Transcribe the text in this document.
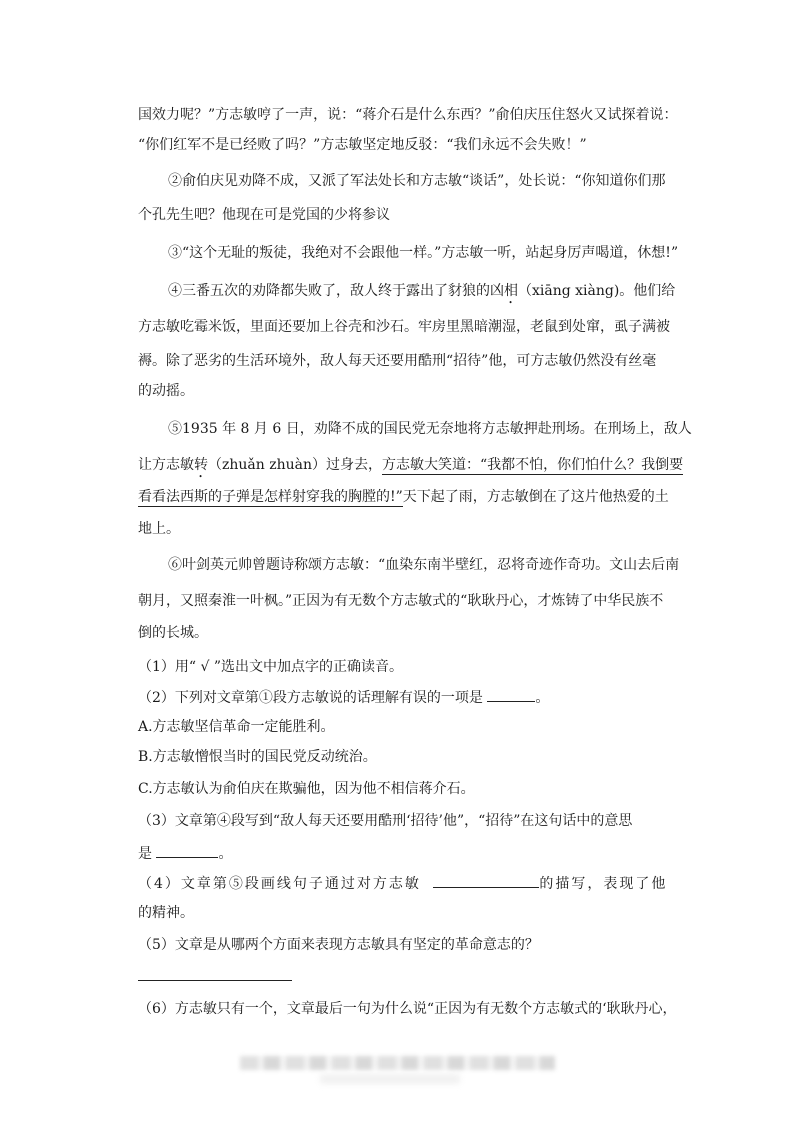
国效力呢？”方志敏哼了一声，说：“蒋介石是什么东西？”俞伯庆压住怒火又试探着说：
“你们红军不是已经败了吗？”方志敏坚定地反驳：“我们永远不会失败！”
②俞伯庆见劝降不成，又派了军法处长和方志敏“谈话”，处长说：“你知道你们那
个孔先生吧？他现在可是党国的少将参议
③“这个无耻的叛徒，我绝对不会跟他一样。”方志敏一听，站起身厉声喝道，休想!”
④三番五次的劝降都失败了，敌人终于露出了豺狼的凶相（xiāng xiàng)。他们给
方志敏吃霉米饭，里面还要加上谷壳和沙石。牢房里黑暗潮湿，老鼠到处窜，虱子满被
褥。除了恶劣的生活环境外，敌人每天还要用酷刑“招待”他，可方志敏仍然没有丝毫
的动摇。
⑤1935 年 8 月 6 日，劝降不成的国民党无奈地将方志敏押赴刑场。在刑场上，敌人
让方志敏转（zhuǎn zhuàn）过身去，方志敏大笑道：“我都不怕，你们怕什么？我倒要
看看法西斯的子弹是怎样射穿我的胸膛的!”天下起了雨，方志敏倒在了这片他热爱的土
地上。
⑥叶剑英元帅曾题诗称颂方志敏：“血染东南半壁红，忍将奇迹作奇功。文山去后南
朝月，又照秦淮一叶枫。”正因为有无数个方志敏式的“耿耿丹心，才炼铸了中华民族不
倒的长城。
（1）用“ √ ”选出文中加点字的正确读音。
（2）下列对文章第①段方志敏说的话理解有误的一项是	。
A.方志敏坚信革命一定能胜利。
B.方志敏憎恨当时的国民党反动统治。
C.方志敏认为俞伯庆在欺骗他，因为他不相信蒋介石。
（3）文章第④段写到“敌人每天还要用酷刑‘招待’他”，“招待”在这句话中的意思
是	。
（4）文章第⑤段画线句子通过对方志敏	的描写，表现了他
的精神。
（5）文章是从哪两个方面来表现方志敏具有坚定的革命意志的？
（6）方志敏只有一个，文章最后一句为什么说“正因为有无数个方志敏式的‘耿耿丹心，
